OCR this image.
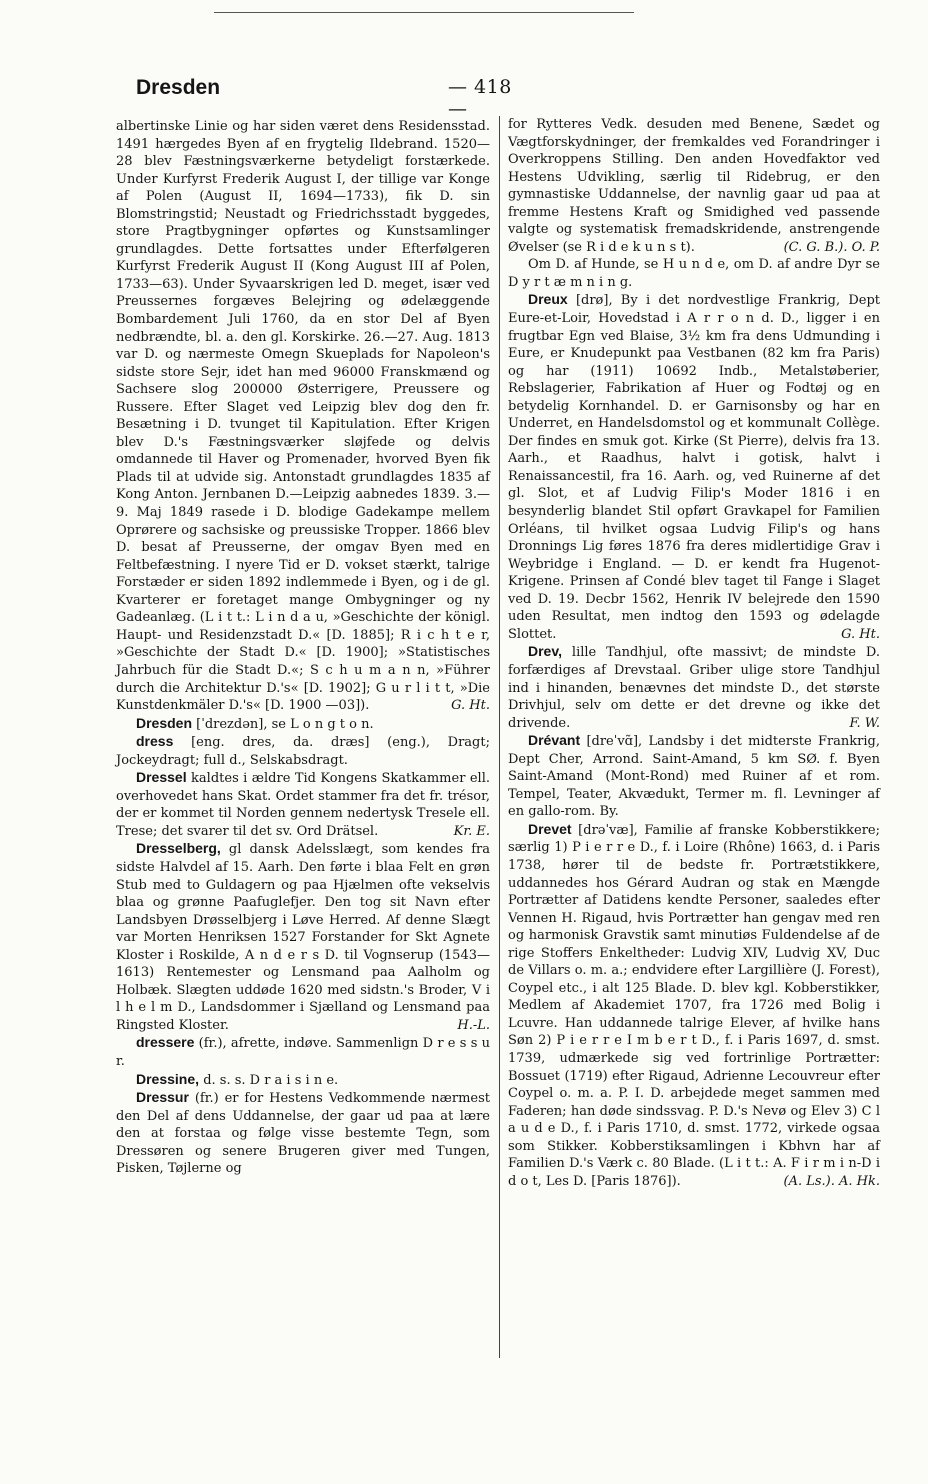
Dresden	— 418 —

albertinske Linie og har siden været dens Residensstad. 1491 hærgedes Byen af en frygtelig Ildebrand. 1520—28 blev Fæstningsværkerne betydeligt forstærkede. Under Kurfyrst Frederik August I, der tillige var Konge af Polen (August II, 1694—1733), fik D. sin Blomstringstid; Neustadt og Friedrichsstadt byggedes, store Pragtbygninger opførtes og Kunstsamlinger grundlagdes. Dette fortsattes under Efterfølgeren Kurfyrst Frederik August II (Kong August III af Polen, 1733—63). Under Syvaarskrigen led D. meget, især ved Preussernes forgæves Belejring og ødelæggende Bombardement Juli 1760, da en stor Del af Byen nedbrændte, bl. a. den gl. Korskirke. 26.—27. Aug. 1813 var D. og nærmeste Omegn Skueplads for Napoleon's sidste store Sejr, idet han med 96000 Franskmænd og Sachsere slog 200000 Østerrigere, Preussere og Russere. Efter Slaget ved Leipzig blev dog den fr. Besætning i D. tvunget til Kapitulation. Efter Krigen blev D.'s Fæstningsværker sløjfede og delvis omdannede til Haver og Promenader, hvorved Byen fik Plads til at udvide sig. Antonstadt grundlagdes 1835 af Kong Anton. Jernbanen D.—Leipzig aabnedes 1839. 3.—9. Maj 1849 rasede i D. blodige Gadekampe mellem Oprørere og sachsiske og preussiske Tropper. 1866 blev D. besat af Preusserne, der omgav Byen med en Feltbefæstning. I nyere Tid er D. vokset stærkt, talrige Forstæder er siden 1892 indlemmede i Byen, og i de gl. Kvarterer er foretaget mange Ombygninger og ny Gadeanlæg. (L i t t.: L i n d a u, »Geschichte der königl. Haupt- und Residenzstadt D.« [D. 1885]; R i c h t e r, »Geschichte der Stadt D.« [D. 1900]; »Statistisches Jahrbuch für die Stadt D.«; S c h u m a n n, »Führer durch die Architektur D.'s« [D. 1902]; G u r l i t t, »Die Kunstdenkmäler D.'s« [D. 1900 —03]).	G. Ht.

Dresden [ˈdrezdən], se L o n g t o n.

dress [eng. dres, da. dræs] (eng.), Dragt; Jockeydragt; full d., Selskabsdragt.

Dressel kaldtes i ældre Tid Kongens Skatkammer ell. overhovedet hans Skat. Ordet stammer fra det fr. trésor, der er kommet til Norden gennem nedertysk Tresele ell. Trese; det svarer til det sv. Ord Drätsel.	Kr. E.

Dresselberg, gl dansk Adelsslægt, som kendes fra sidste Halvdel af 15. Aarh. Den førte i blaa Felt en grøn Stub med to Guldagern og paa Hjælmen ofte vekselvis blaa og grønne Paafuglefjer. Den tog sit Navn efter Landsbyen Drøsselbjerg i Løve Herred. Af denne Slægt var Morten Henriksen 1527 Forstander for Skt Agnete Kloster i Roskilde, A n d e r s D. til Vognserup (1543—1613) Rentemester og Lensmand paa Aalholm og Holbæk. Slægten uddøde 1620 med sidstn.'s Broder, V i l h e l m D., Landsdommer i Sjælland og Lensmand paa Ringsted Kloster.	H.-L.

dressere (fr.), afrette, indøve. Sammenlign D r e s s u r.

Dressine, d. s. s. D r a i s i n e.

Dressur (fr.) er for Hestens Vedkommende nærmest den Del af dens Uddannelse, der gaar ud paa at lære den at forstaa og følge visse bestemte Tegn, som Dressøren og senere Brugeren giver med Tungen, Pisken, Tøjlerne og

for Rytteres Vedk. desuden med Benene, Sædet og Vægtforskydninger, der fremkaldes ved Forandringer i Overkroppens Stilling. Den anden Hovedfaktor ved Hestens Udvikling, særlig til Ridebrug, er den gymnastiske Uddannelse, der navnlig gaar ud paa at fremme Hestens Kraft og Smidighed ved passende valgte og systematisk fremadskridende, anstrengende Øvelser (se R i d e k u n s t).	(C. G. B.). O. P.

Om D. af Hunde, se H u n d e, om D. af andre Dyr se D y r t æ m n i n g.

Dreux [drø], By i det nordvestlige Frankrig, Dept Eure-et-Loir, Hovedstad i A r r o n d. D., ligger i en frugtbar Egn ved Blaise, 3½ km fra dens Udmunding i Eure, er Knudepunkt paa Vestbanen (82 km fra Paris) og har (1911) 10692 Indb., Metalstøberier, Rebslagerier, Fabrikation af Huer og Fodtøj og en betydelig Kornhandel. D. er Garnisonsby og har en Underret, en Handelsdomstol og et kommunalt Collège. Der findes en smuk got. Kirke (St Pierre), delvis fra 13. Aarh., et Raadhus, halvt i gotisk, halvt i Renaissancestil, fra 16. Aarh. og, ved Ruinerne af det gl. Slot, et af Ludvig Filip's Moder 1816 i en besynderlig blandet Stil opført Gravkapel for Familien Orléans, til hvilket ogsaa Ludvig Filip's og hans Dronnings Lig føres 1876 fra deres midlertidige Grav i Weybridge i England. — D. er kendt fra Hugenot-Krigene. Prinsen af Condé blev taget til Fange i Slaget ved D. 19. Decbr 1562, Henrik IV belejrede den 1590 uden Resultat, men indtog den 1593 og ødelagde Slottet.	G. Ht.

Drev, lille Tandhjul, ofte massivt; de mindste D. forfærdiges af Drevstaal. Griber ulige store Tandhjul ind i hinanden, benævnes det mindste D., det største Drivhjul, selv om dette er det drevne og ikke det drivende.	F. W.

Drévant [dreˈvɑ̃], Landsby i det midterste Frankrig, Dept Cher, Arrond. Saint-Amand, 5 km SØ. f. Byen Saint-Amand (Mont-Rond) med Ruiner af et rom. Tempel, Teater, Akvædukt, Termer m. fl. Levninger af en gallo-rom. By.

Drevet [drəˈvæ], Familie af franske Kobberstikkere; særlig 1) P i e r r e D., f. i Loire (Rhône) 1663, d. i Paris 1738, hører til de bedste fr. Portrætstikkere, uddannedes hos Gérard Audran og stak en Mængde Portrætter af Datidens kendte Personer, saaledes efter Vennen H. Rigaud, hvis Portrætter han gengav med ren og harmonisk Gravstik samt minutiøs Fuldendelse af de rige Stoffers Enkeltheder: Ludvig XIV, Ludvig XV, Duc de Villars o. m. a.; endvidere efter Largillière (J. Forest), Coypel etc., i alt 125 Blade. D. blev kgl. Kobberstikker, Medlem af Akademiet 1707, fra 1726 med Bolig i Lcuvre. Han uddannede talrige Elever, af hvilke hans Søn 2) P i e r r e I m b e r t D., f. i Paris 1697, d. smst. 1739, udmærkede sig ved fortrinlige Portrætter: Bossuet (1719) efter Rigaud, Adrienne Lecouvreur efter Coypel o. m. a. P. I. D. arbejdede meget sammen med Faderen; han døde sindssvag. P. D.'s Nevø og Elev 3) C l a u d e D., f. i Paris 1710, d. smst. 1772, virkede ogsaa som Stikker. Kobberstiksamlingen i Kbhvn har af Familien D.'s Værk c. 80 Blade. (L i t t.: A. F i r m i n-D i d o t, Les D. [Paris 1876]).	(A. Ls.). A. Hk.
